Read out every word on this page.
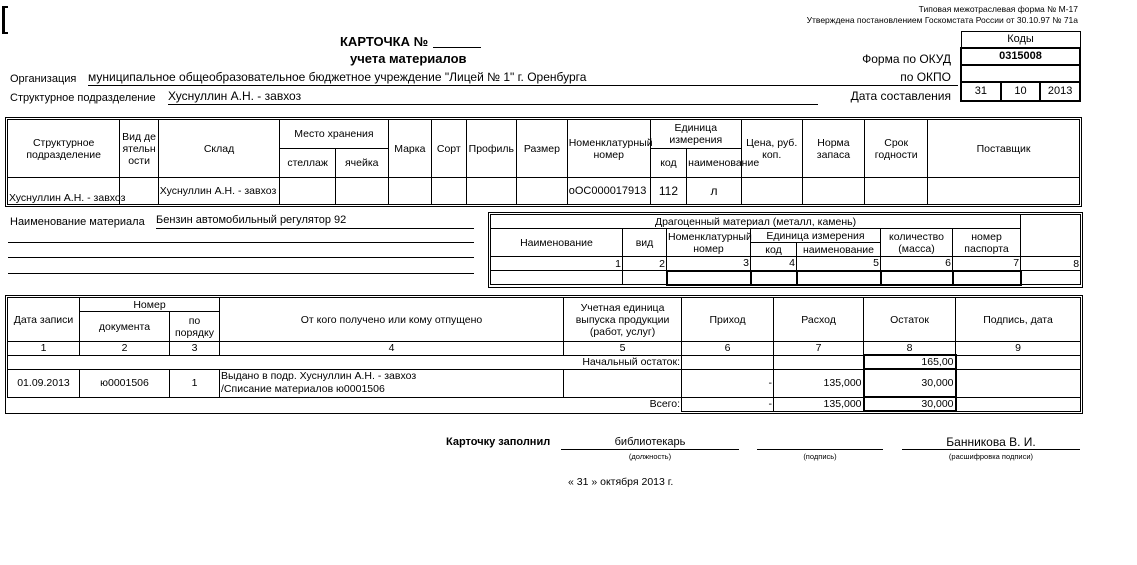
Типовая межотраслевая форма № М-17
Утверждена постановлением Госкомстата России от 30.10.97 № 71а
КАРТОЧКА №
учета материалов
Коды
0315008

31	10	2013
Форма по ОКУД
по ОКПО
Дата составления
Организация муниципальное общеобразовательное бюджетное учреждение "Лицей № 1" г. Оренбурга
Структурное подразделение Хуснуллин А.Н. - завхоз
Структурное подразделение	Вид деятельности	Склад	Место хранения		Марка	Сорт	Профиль	Размер	Номенклатурный номер	Единица измерения		Цена, руб. коп.	Норма запаса	Срок годности	Поставщик
			стеллаж	ячейка						код	наименование				
Хуснуллин А.Н. - завхоз		Хуснуллин А.Н. - завхоз							оОС000017913	112	л				
Наименование материала Бензин автомобильный регулятор 92	Драгоценный материал (металл, камень)							
Наименование	вид	Номенклатурный номер	Единица измерения		количество (масса)	номер паспорта	
			код	наименование			
1	2	3	4	5	6	7	8

Дата записи	Номер		От кого получено или кому отпущено	Учетная единица выпуска продукции (работ, услуг)	Приход	Расход	Остаток	Подпись, дата
	документа	по порядку						
1	2	3	4	5	6	7	8	9
Начальный остаток:							165,00	
01.09.2013	ю0001506	1	Выдано в подр. Хуснуллин А.Н. - завхоз
/Списание материалов ю0001506		-	135,000	30,000	
Всего:					-	135,000	30,000	
Карточку заполнил	библиотекарь
(должность)	(подпись)
Банникова В. И.
(расшифровка подписи)
« 31 » октября 2013 г.
